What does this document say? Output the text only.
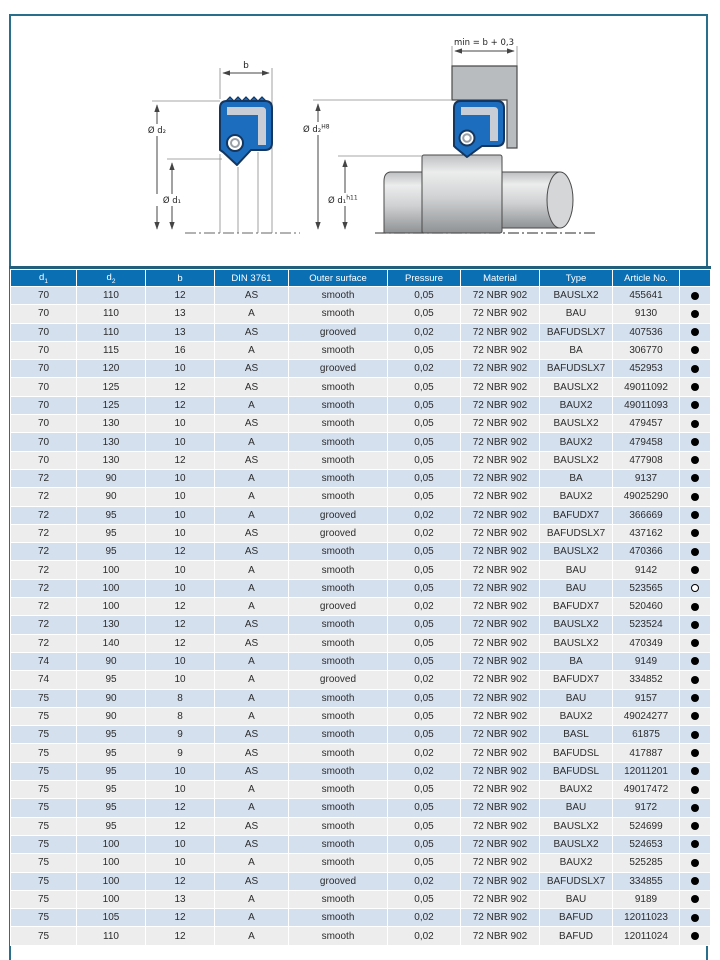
b
Ø d₂
Ø d₁
min = b + 0,3
Ø d₂$^{H8}$
Ø d₁$^{h11}$
$d_1$	$d_2$	b	DIN 3761	Outer surface	Pressure	Material	Type	Article No.	
70	110	12	AS	smooth	0,05	72 NBR 902	BAUSLX2	455641	
70	110	13	A	smooth	0,05	72 NBR 902	BAU	9130	
70	110	13	AS	grooved	0,02	72 NBR 902	BAFUDSLX7	407536	
70	115	16	A	smooth	0,05	72 NBR 902	BA	306770	
70	120	10	AS	grooved	0,02	72 NBR 902	BAFUDSLX7	452953	
70	125	12	AS	smooth	0,05	72 NBR 902	BAUSLX2	49011092	
70	125	12	A	smooth	0,05	72 NBR 902	BAUX2	49011093	
70	130	10	AS	smooth	0,05	72 NBR 902	BAUSLX2	479457	
70	130	10	A	smooth	0,05	72 NBR 902	BAUX2	479458	
70	130	12	AS	smooth	0,05	72 NBR 902	BAUSLX2	477908	
72	90	10	A	smooth	0,05	72 NBR 902	BA	9137	
72	90	10	A	smooth	0,05	72 NBR 902	BAUX2	49025290	
72	95	10	A	grooved	0,02	72 NBR 902	BAFUDX7	366669	
72	95	10	AS	grooved	0,02	72 NBR 902	BAFUDSLX7	437162	
72	95	12	AS	smooth	0,05	72 NBR 902	BAUSLX2	470366	
72	100	10	A	smooth	0,05	72 NBR 902	BAU	9142	
72	100	10	A	smooth	0,05	72 NBR 902	BAU	523565	
72	100	12	A	grooved	0,02	72 NBR 902	BAFUDX7	520460	
72	130	12	AS	smooth	0,05	72 NBR 902	BAUSLX2	523524	
72	140	12	AS	smooth	0,05	72 NBR 902	BAUSLX2	470349	
74	90	10	A	smooth	0,05	72 NBR 902	BA	9149	
74	95	10	A	grooved	0,02	72 NBR 902	BAFUDX7	334852	
75	90	8	A	smooth	0,05	72 NBR 902	BAU	9157	
75	90	8	A	smooth	0,05	72 NBR 902	BAUX2	49024277	
75	95	9	AS	smooth	0,05	72 NBR 902	BASL	61875	
75	95	9	AS	smooth	0,02	72 NBR 902	BAFUDSL	417887	
75	95	10	AS	smooth	0,02	72 NBR 902	BAFUDSL	12011201	
75	95	10	A	smooth	0,05	72 NBR 902	BAUX2	49017472	
75	95	12	A	smooth	0,05	72 NBR 902	BAU	9172	
75	95	12	AS	smooth	0,05	72 NBR 902	BAUSLX2	524699	
75	100	10	AS	smooth	0,05	72 NBR 902	BAUSLX2	524653	
75	100	10	A	smooth	0,05	72 NBR 902	BAUX2	525285	
75	100	12	AS	grooved	0,02	72 NBR 902	BAFUDSLX7	334855	
75	100	13	A	smooth	0,05	72 NBR 902	BAU	9189	
75	105	12	A	smooth	0,02	72 NBR 902	BAFUD	12011023	
75	110	12	A	smooth	0,02	72 NBR 902	BAFUD	12011024	
